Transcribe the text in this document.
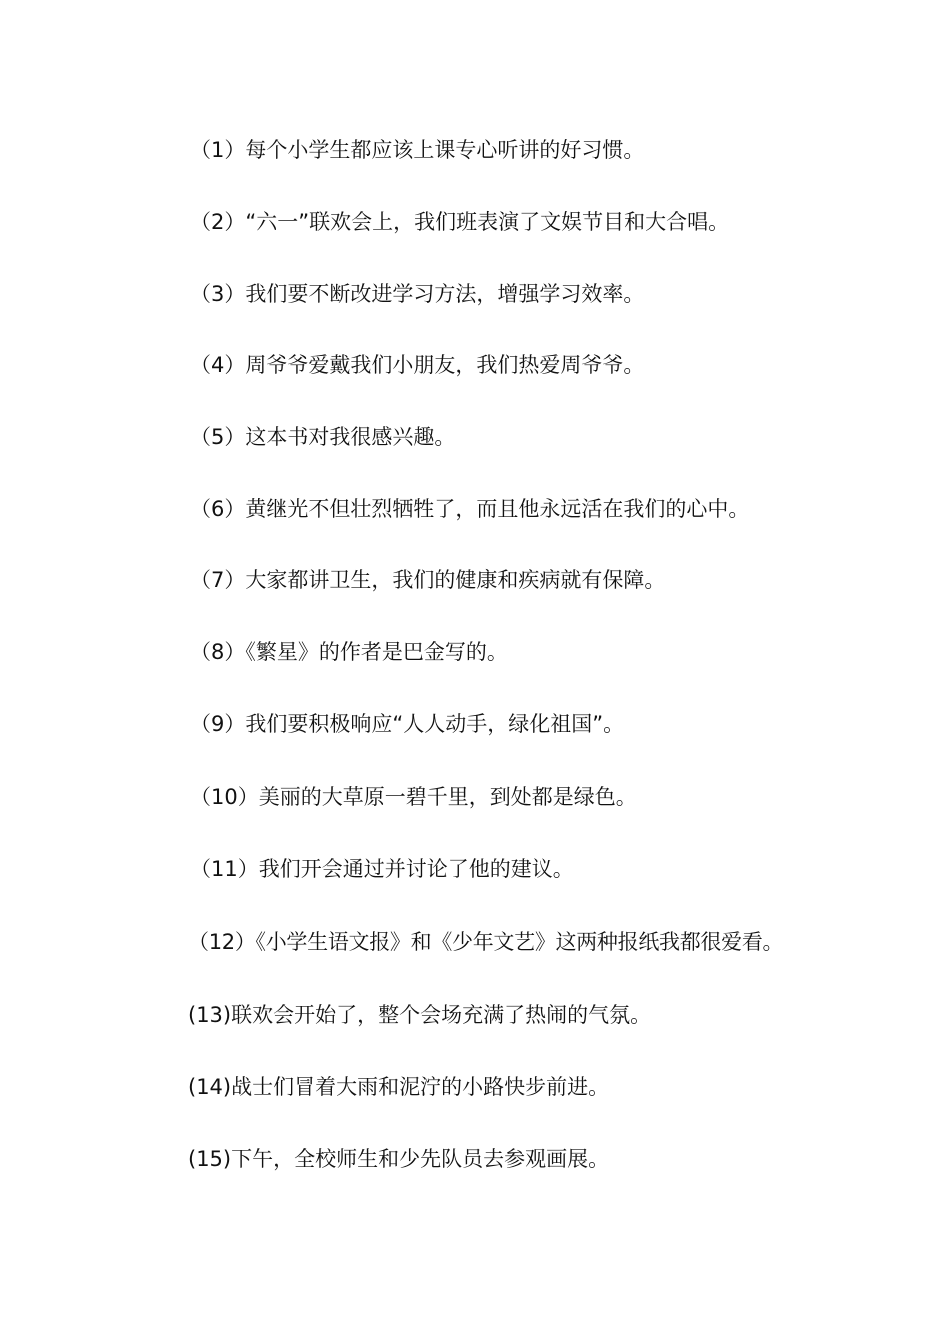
（1）每个小学生都应该上课专心听讲的好习惯。
（2）“六一”联欢会上，我们班表演了文娱节目和大合唱。
（3）我们要不断改进学习方法，增强学习效率。
（4）周爷爷爱戴我们小朋友，我们热爱周爷爷。
（5）这本书对我很感兴趣。
（6）黄继光不但壮烈牺牲了，而且他永远活在我们的心中。
（7）大家都讲卫生，我们的健康和疾病就有保障。
（8）《繁星》的作者是巴金写的。
（9）我们要积极响应“人人动手，绿化祖国”。
（10）美丽的大草原一碧千里，到处都是绿色。
（11）我们开会通过并讨论了他的建议。
（12）《小学生语文报》和《少年文艺》这两种报纸我都很爱看。
(13)联欢会开始了，整个会场充满了热闹的气氛。
(14)战士们冒着大雨和泥泞的小路快步前进。
(15)下午，全校师生和少先队员去参观画展。
